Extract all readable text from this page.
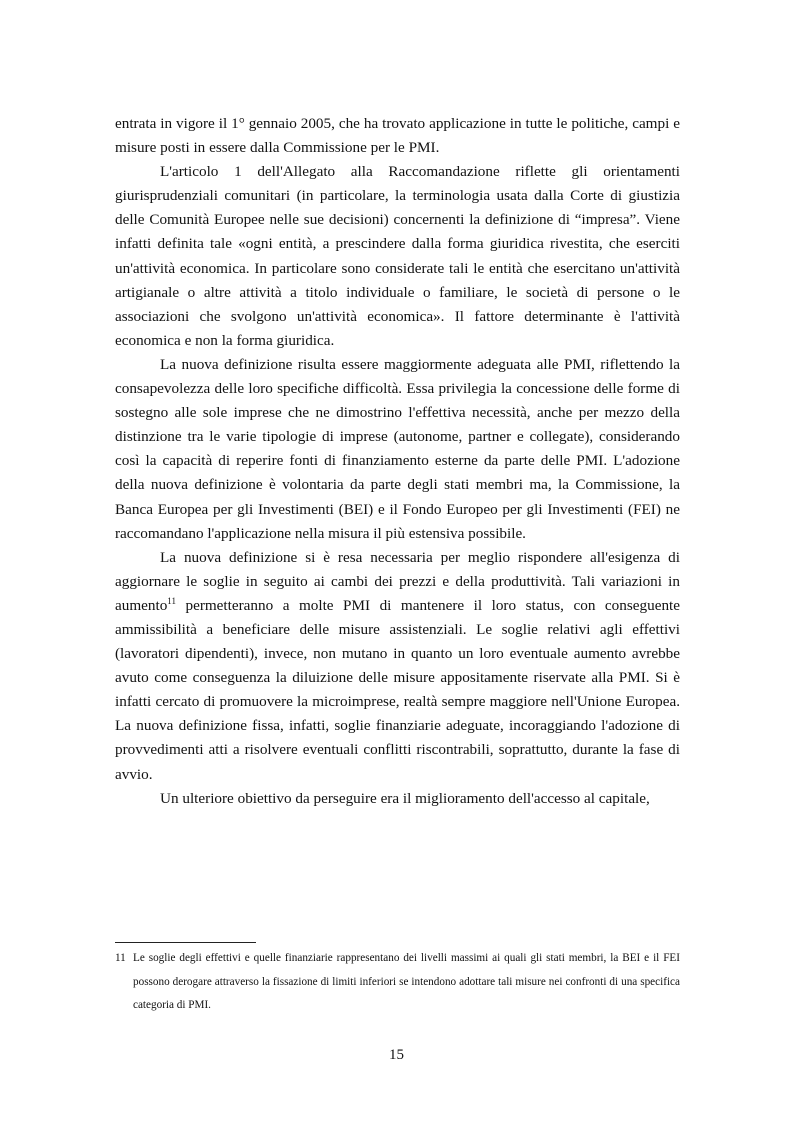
entrata in vigore il 1° gennaio 2005, che ha trovato applicazione in tutte le politiche, campi e misure posti in essere dalla Commissione per le PMI.

L'articolo 1 dell'Allegato alla Raccomandazione riflette gli orientamenti giurisprudenziali comunitari (in particolare, la terminologia usata dalla Corte di giustizia delle Comunità Europee nelle sue decisioni) concernenti la definizione di “impresa”. Viene infatti definita tale «ogni entità, a prescindere dalla forma giuridica rivestita, che eserciti un'attività economica. In particolare sono considerate tali le entità che esercitano un'attività artigianale o altre attività a titolo individuale o familiare, le società di persone o le associazioni che svolgono un'attività economica». Il fattore determinante è l'attività economica e non la forma giuridica.

La nuova definizione risulta essere maggiormente adeguata alle PMI, riflettendo la consapevolezza delle loro specifiche difficoltà. Essa privilegia la concessione delle forme di sostegno alle sole imprese che ne dimostrino l'effettiva necessità, anche per mezzo della distinzione tra le varie tipologie di imprese (autonome, partner e collegate), considerando così la capacità di reperire fonti di finanziamento esterne da parte delle PMI. L'adozione della nuova definizione è volontaria da parte degli stati membri ma, la Commissione, la Banca Europea per gli Investimenti (BEI) e il Fondo Europeo per gli Investimenti (FEI) ne raccomandano l'applicazione nella misura il più estensiva possibile.

La nuova definizione si è resa necessaria per meglio rispondere all'esigenza di aggiornare le soglie in seguito ai cambi dei prezzi e della produttività. Tali variazioni in aumento$^{11}$ permetteranno a molte PMI di mantenere il loro status, con conseguente ammissibilità a beneficiare delle misure assistenziali. Le soglie relativi agli effettivi (lavoratori dipendenti), invece, non mutano in quanto un loro eventuale aumento avrebbe avuto come conseguenza la diluizione delle misure appositamente riservate alla PMI. Si è infatti cercato di promuovere la microimprese, realtà sempre maggiore nell'Unione Europea. La nuova definizione fissa, infatti, soglie finanziarie adeguate, incoraggiando l'adozione di provvedimenti atti a risolvere eventuali conflitti riscontrabili, soprattutto, durante la fase di avvio.

Un ulteriore obiettivo da perseguire era il miglioramento dell'accesso al capitale,

11 Le soglie degli effettivi e quelle finanziarie rappresentano dei livelli massimi ai quali gli stati membri, la BEI e il FEI possono derogare attraverso la fissazione di limiti inferiori se intendono adottare tali misure nei confronti di una specifica categoria di PMI.
15
